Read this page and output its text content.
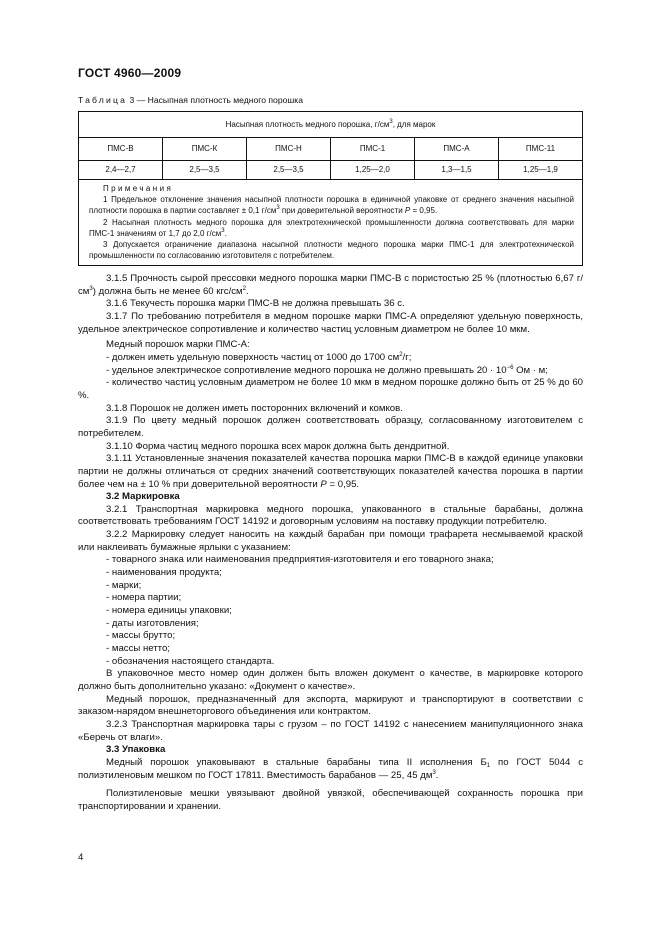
ГОСТ 4960—2009
Таблица 3 — Насыпная плотность медного порошка
Насыпная плотность медного порошка, $г/см^3$, для марок
ПМС-В	ПМС-К	ПМС-Н	ПМС-1	ПМС-А	ПМС-11
2,4—2,7	2,5—3,5	2,5—3,5	1,25—2,0	1,3—1,5	1,25—1,9
Примечания

1 Предельное отклонение значения насыпной плотности порошка в единичной упаковке от среднего значения насыпной плотности порошка в партии составляет ± 0,1 $г/см^3$ при доверительной вероятности Р = 0,95.

2 Насыпная плотность медного порошка для электротехнической промышленности должна соответствовать для марки ПМС-1 значениям от 1,7 до 2,0 $г/см^3$.

3 Допускается ограничение диапазона насыпной плотности медного порошка марки ПМС-1 для электротехнической промышленности по согласованию изготовителя с потребителем.

3.1.5 Прочность сырой прессовки медного порошка марки ПМС-В с пористостью 25 % (плотностью 6,67 $г/см^3$) должна быть не менее 60 кгс/$см^2$.

3.1.6 Текучесть порошка марки ПМС-В не должна превышать 36 с.

3.1.7 По требованию потребителя в медном порошке марки ПМС-А определяют удельную поверхность, удельное электрическое сопротивление и количество частиц условным диаметром не более 10 мкм.

Медный порошок марки ПМС-А:

- должен иметь удельную поверхность частиц от 1000 до 1700 $см^2/г$;

- удельное электрическое сопротивление медного порошка не должно превышать $20 \cdot 10^{-6}$ Ом · м;

- количество частиц условным диаметром не более 10 мкм в медном порошке должно быть от 25 % до 60 %.

3.1.8 Порошок не должен иметь посторонних включений и комков.

3.1.9 По цвету медный порошок должен соответствовать образцу, согласованному изготовителем с потребителем.

3.1.10 Форма частиц медного порошка всех марок должна быть дендритной.

3.1.11 Установленные значения показателей качества порошка марки ПМС-В в каждой единице упаковки партии не должны отличаться от средних значений соответствующих показателей качества порошка в партии более чем на ± 10 % при доверительной вероятности Р = 0,95.

3.2 Маркировка

3.2.1 Транспортная маркировка медного порошка, упакованного в стальные барабаны, должна соответствовать требованиям ГОСТ 14192 и договорным условиям на поставку продукции потребителю.

3.2.2 Маркировку следует наносить на каждый барабан при помощи трафарета несмываемой краской или наклеивать бумажные ярлыки с указанием:

- товарного знака или наименования предприятия-изготовителя и его товарного знака;

- наименования продукта;

- марки;

- номера партии;

- номера единицы упаковки;

- даты изготовления;

- массы брутто;

- массы нетто;

- обозначения настоящего стандарта.

В упаковочное место номер один должен быть вложен документ о качестве, в маркировке которого должно быть дополнительно указано: «Документ о качестве».

Медный порошок, предназначенный для экспорта, маркируют и транспортируют в соответствии с заказом-нарядом внешнеторгового объединения или контрактом.

3.2.3 Транспортная маркировка тары с грузом – по ГОСТ 14192 с нанесением манипуляционного знака «Беречь от влаги».

3.3 Упаковка

Медный порошок упаковывают в стальные барабаны типа II исполнения $Б_1$ по ГОСТ 5044 с полиэтиленовым мешком по ГОСТ 17811. Вместимость барабанов — 25, 45 $дм^3$.

Полиэтиленовые мешки увязывают двойной увязкой, обеспечивающей сохранность порошка при транспортировании и хранении.

4
